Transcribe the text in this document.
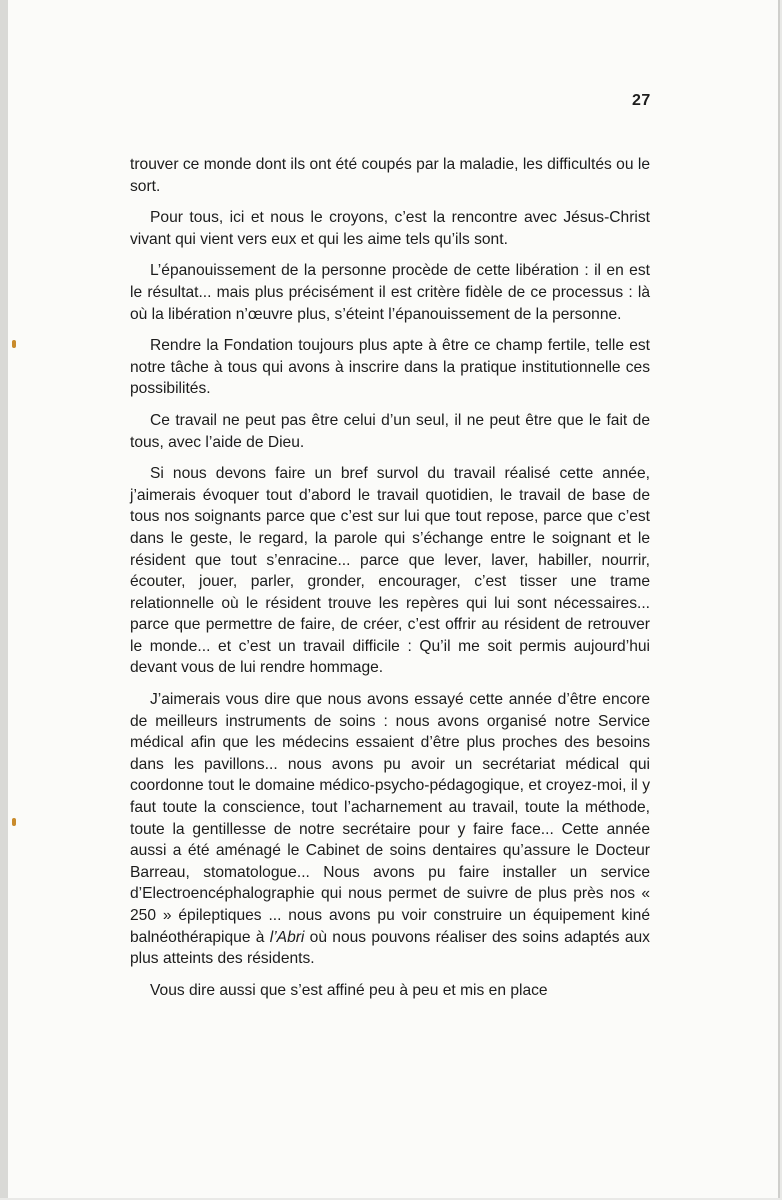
27

trouver ce monde dont ils ont été coupés par la maladie, les difficultés ou le sort.

Pour tous, ici et nous le croyons, c’est la rencontre avec Jésus-Christ vivant qui vient vers eux et qui les aime tels qu’ils sont.

L’épanouissement de la personne procède de cette libération : il en est le résultat... mais plus précisément il est critère fidèle de ce processus : là où la libération n’œuvre plus, s’éteint l’épanouissement de la personne.

Rendre la Fondation toujours plus apte à être ce champ fertile, telle est notre tâche à tous qui avons à inscrire dans la pratique institutionnelle ces possibilités.

Ce travail ne peut pas être celui d’un seul, il ne peut être que le fait de tous, avec l’aide de Dieu.

Si nous devons faire un bref survol du travail réalisé cette année, j’aimerais évoquer tout d’abord le travail quotidien, le travail de base de tous nos soignants parce que c’est sur lui que tout repose, parce que c’est dans le geste, le regard, la parole qui s’échange entre le soignant et le résident que tout s’enracine... parce que lever, laver, habiller, nourrir, écouter, jouer, parler, gronder, encourager, c’est tisser une trame relationnelle où le résident trouve les repères qui lui sont nécessaires... parce que permettre de faire, de créer, c’est offrir au résident de retrouver le monde... et c’est un travail difficile : Qu’il me soit permis aujourd’hui devant vous de lui rendre hommage.

J’aimerais vous dire que nous avons essayé cette année d’être encore de meilleurs instruments de soins : nous avons organisé notre Service médical afin que les médecins essaient d’être plus proches des besoins dans les pavillons... nous avons pu avoir un secrétariat médical qui coordonne tout le domaine médico-psycho-pédagogique, et croyez-moi, il y faut toute la conscience, tout l’acharnement au travail, toute la méthode, toute la gentillesse de notre secrétaire pour y faire face... Cette année aussi a été aménagé le Cabinet de soins dentaires qu’assure le Docteur Barreau, stomatologue... Nous avons pu faire installer un service d’Electroencéphalographie qui nous permet de suivre de plus près nos « 250 » épileptiques ... nous avons pu voir construire un équipement kiné balnéothérapique à l’Abri où nous pouvons réaliser des soins adaptés aux plus atteints des résidents.

Vous dire aussi que s’est affiné peu à peu et mis en place
